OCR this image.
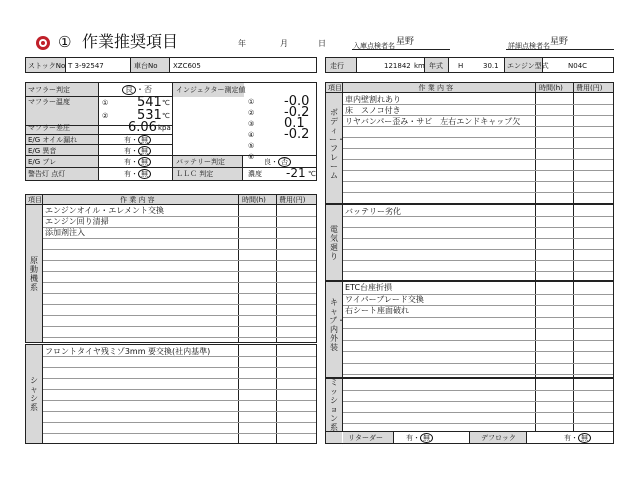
① 作業推奨項目	年	月	日	入庫点検者名 星野	詳細点検者名 星野
ストックNo T 3-92547	車台No XZC605	走行	121842 km 年式 H	30.1 エンジン型式	N04C
マフラー判定	良 ・否
マフラー温度	① 541 ℃
② 531 ℃
マフラー差圧	6.06 kpa
E/G オイル漏れ	有・ 無
E/G 異音	有・ 無
E/G ブレ	有・ 無
警告灯 点灯	有・ 無
インジェクター測定値
バッテリー判定	良・ 否
ＬＬＣ 判定	濃度 -21 ℃
① -0.0
② -0.2
③ 0.1
④ -0.2
⑤
⑥
項目	作 業 内 容	時間(h) 費用(円)
エンジンオイル・エレメント交換
エンジン回り清掃
添加剤注入
原動機系
フロントタイヤ残ミゾ3mm 要交換(社内基準)
シャシ系
項目	作 業 内 容	時間(h) 費用(円)
車内壁割れあり
床　スノコ付き
リヤバンパー歪み・サビ　左右エンドキャップ欠
ボディー・フレーム
バッテリー劣化
電気廻り
ETC台座折損
ワイパーブレード交換
右シート座面破れ
キャブ・内外装
ミッション系
リターダー	有・ 無	デフロック	有・ 無
